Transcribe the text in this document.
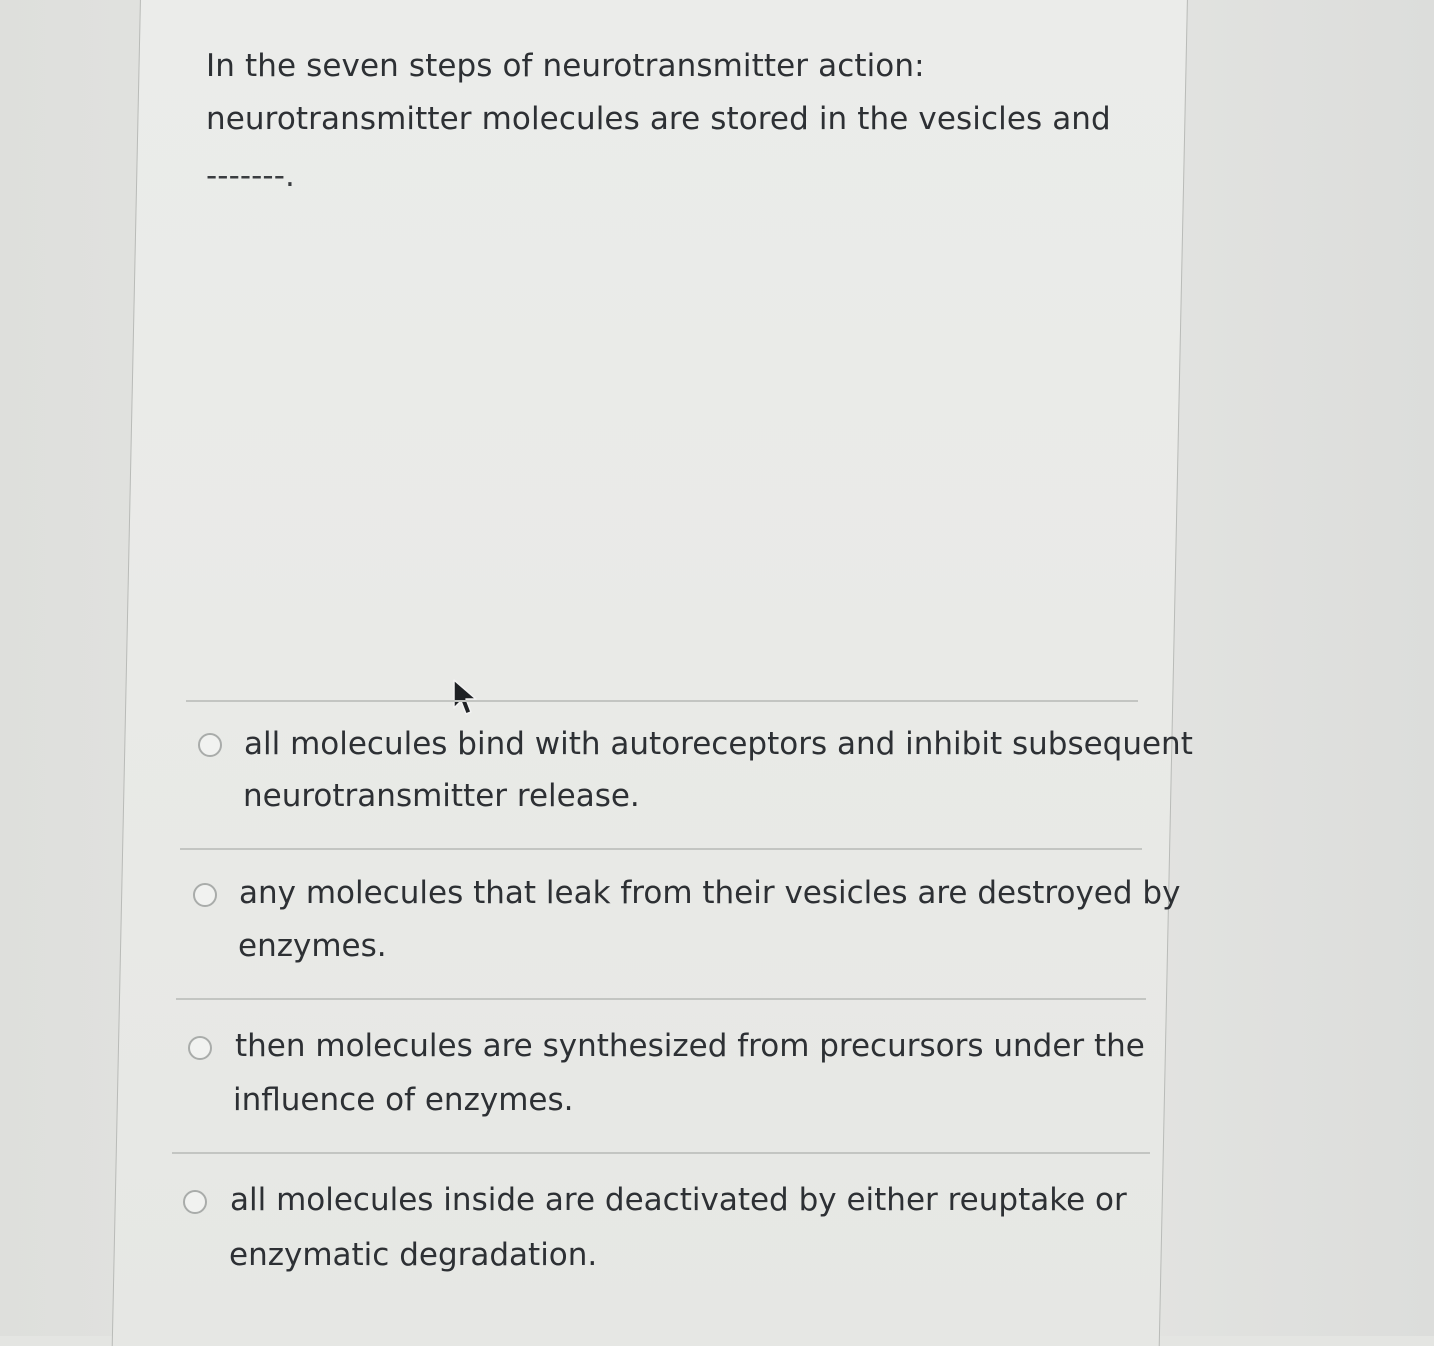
In the seven steps of neurotransmitter action:
neurotransmitter molecules are stored in the vesicles and
-------.
all molecules bind with autoreceptors and inhibit subsequent
neurotransmitter release.
any molecules that leak from their vesicles are destroyed by
enzymes.
then molecules are synthesized from precursors under the
influence of enzymes.
all molecules inside are deactivated by either reuptake or
enzymatic degradation.
